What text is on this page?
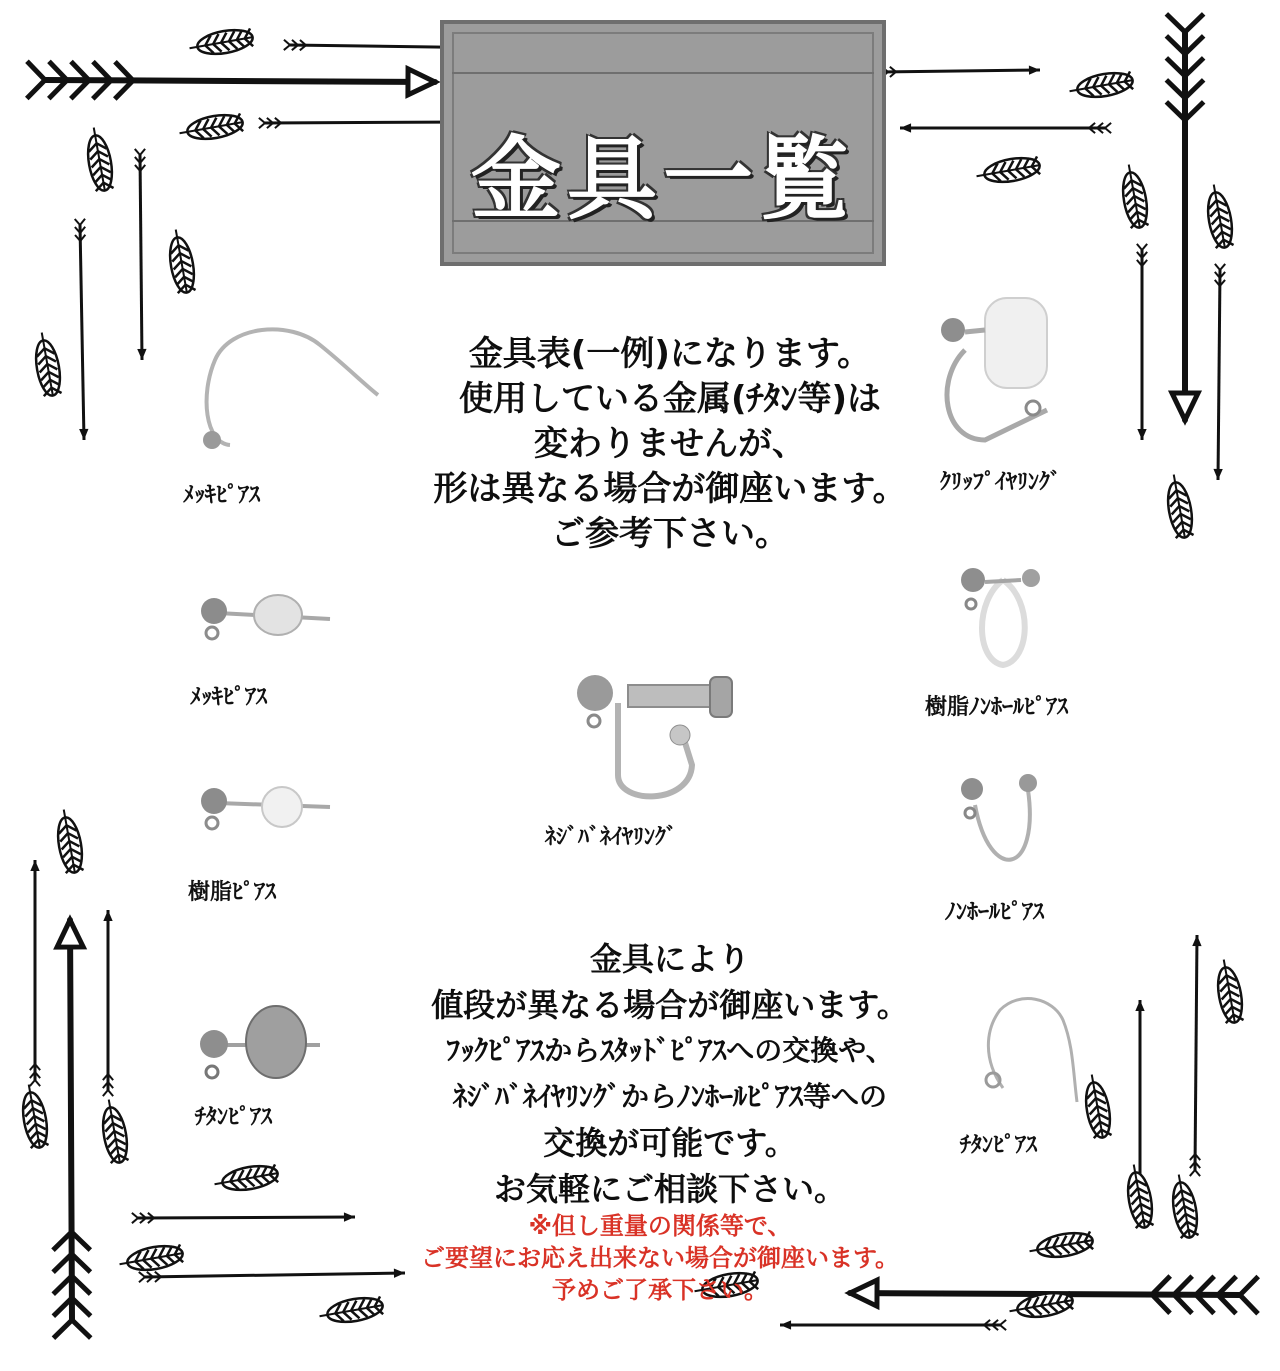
金具一覧
金具表(一例)になります。
使用している金属(ﾁﾀﾝ等)は
変わりませんが、
形は異なる場合が御座います。
ご参考下さい。
金具により
値段が異なる場合が御座います。
ﾌｯｸﾋﾟｱｽからｽﾀｯﾄﾞﾋﾟｱｽへの交換や、
ﾈｼﾞﾊﾞﾈｲﾔﾘﾝｸﾞからﾉﾝﾎｰﾙﾋﾟｱｽ等への
交換が可能です。
お気軽にご相談下さい。
※但し重量の関係等で、
ご要望にお応え出来ない場合が御座います。
予めご了承下さい。
ﾒｯｷﾋﾟｱｽ
ﾒｯｷﾋﾟｱｽ
樹脂ﾋﾟｱｽ
ﾁﾀﾝﾋﾟｱｽ
ﾈｼﾞﾊﾞﾈｲﾔﾘﾝｸﾞ
ｸﾘｯﾌﾟｲﾔﾘﾝｸﾞ
樹脂ﾉﾝﾎｰﾙﾋﾟｱｽ
ﾉﾝﾎｰﾙﾋﾟｱｽ
ﾁﾀﾝﾋﾟｱｽ
